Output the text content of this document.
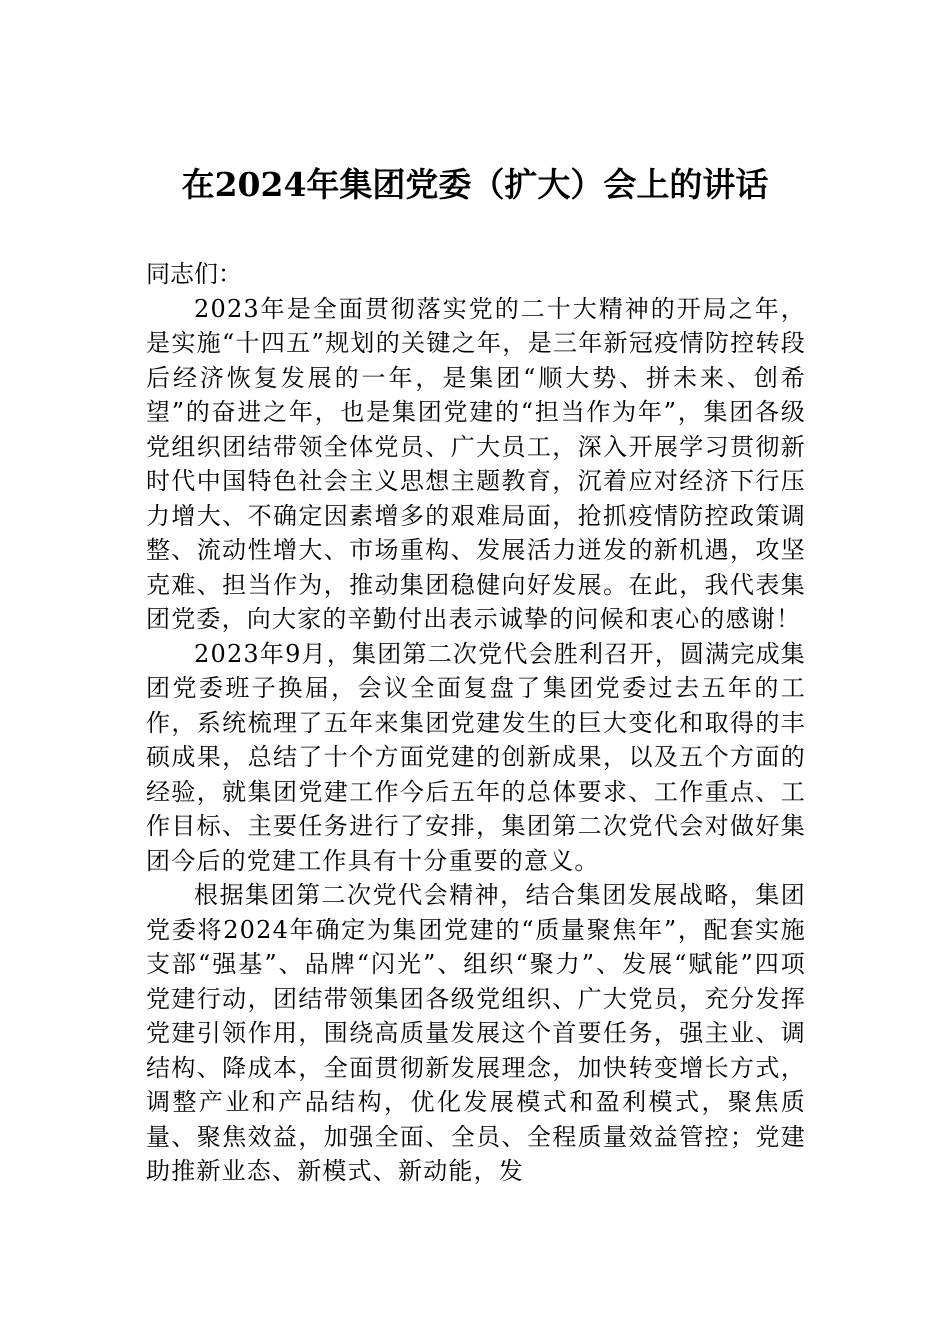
在2024年集团党委（扩大）会上的讲话

同志们：

2023年是全面贯彻落实党的二十大精神的开局之年，是实施“十四五”规划的关键之年，是三年新冠疫情防控转段后经济恢复发展的一年，是集团“顺大势、拼未来、创希望”的奋进之年，也是集团党建的“担当作为年”，集团各级党组织团结带领全体党员、广大员工，深入开展学习贯彻新时代中国特色社会主义思想主题教育，沉着应对经济下行压力增大、不确定因素增多的艰难局面，抢抓疫情防控政策调整、流动性增大、市场重构、发展活力迸发的新机遇，攻坚克难、担当作为，推动集团稳健向好发展。在此，我代表集团党委，向大家的辛勤付出表示诚挚的问候和衷心的感谢！

2023年9月，集团第二次党代会胜利召开，圆满完成集团党委班子换届，会议全面复盘了集团党委过去五年的工作，系统梳理了五年来集团党建发生的巨大变化和取得的丰硕成果，总结了十个方面党建的创新成果，以及五个方面的经验，就集团党建工作今后五年的总体要求、工作重点、工作目标、主要任务进行了安排，集团第二次党代会对做好集团今后的党建工作具有十分重要的意义。

根据集团第二次党代会精神，结合集团发展战略，集团党委将2024年确定为集团党建的“质量聚焦年”，配套实施支部“强基”、品牌“闪光”、组织“聚力”、发展“赋能”四项党建行动，团结带领集团各级党组织、广大党员，充分发挥党建引领作用，围绕高质量发展这个首要任务，强主业、调结构、降成本，全面贯彻新发展理念，加快转变增长方式，调整产业和产品结构，优化发展模式和盈利模式，聚焦质量、聚焦效益，加强全面、全员、全程质量效益管控；党建助推新业态、新模式、新动能，发
